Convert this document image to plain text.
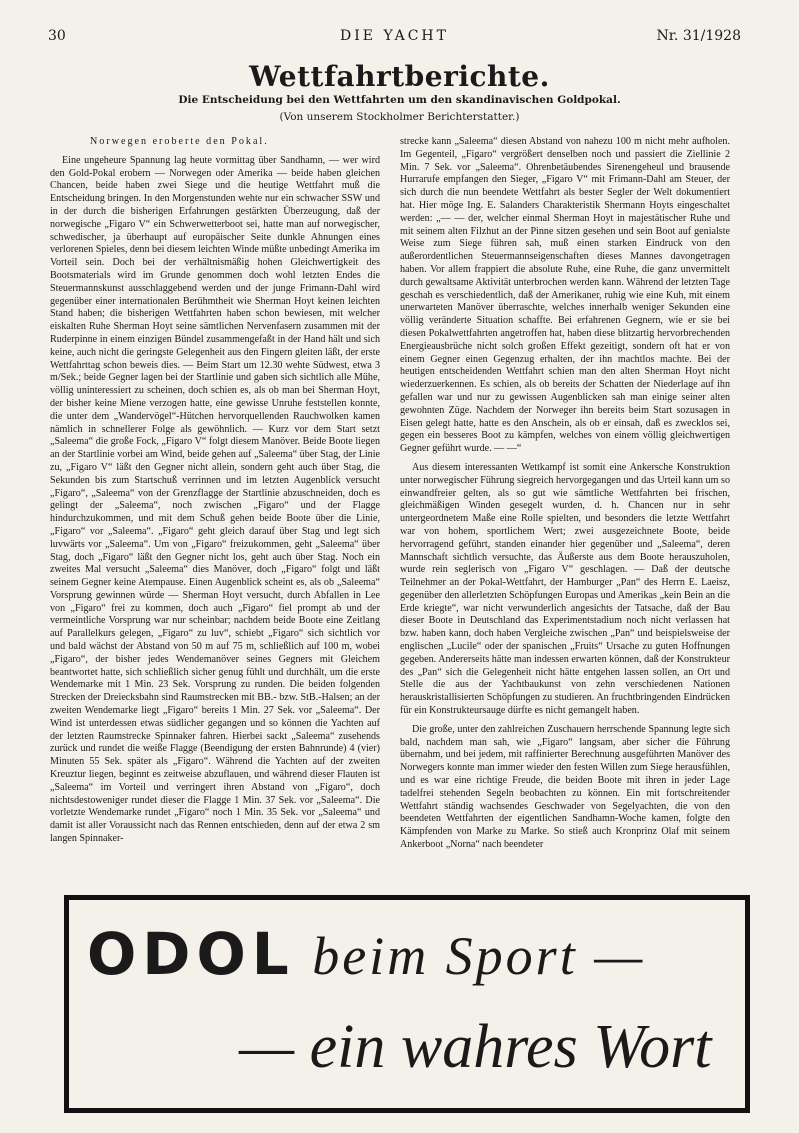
30	DIE YACHT	Nr. 31/1928
Wettfahrtberichte.
Die Entscheidung bei den Wettfahrten um den skandinavischen Goldpokal.
(Von unserem Stockholmer Berichterstatter.)

Norwegen eroberte den Pokal.

Eine ungeheure Spannung lag heute vormittag über Sandhamn, — wer wird den Gold-Pokal erobern — Norwegen oder Amerika — beide haben gleichen Chancen, beide haben zwei Siege und die heutige Wettfahrt muß die Entscheidung bringen. In den Morgenstunden wehte nur ein schwacher SSW und in der durch die bisherigen Erfahrungen gestärkten Überzeugung, daß der norwegische „Figaro V“ ein Schwerwetterboot sei, hatte man auf norwegischer, schwedischer, ja überhaupt auf europäischer Seite dunkle Ahnungen eines verlorenen Spieles, denn bei diesem leichten Winde müßte unbedingt Amerika im Vorteil sein. Doch bei der verhältnismäßig hohen Gleichwertigkeit des Bootsmaterials wird im Grunde genommen doch wohl letzten Endes die Steuermannskunst ausschlaggebend werden und der junge Frimann-Dahl wird gegenüber einer internationalen Berühmtheit wie Sherman Hoyt keinen leichten Stand haben; die bisherigen Wettfahrten haben schon bewiesen, mit welcher eiskalten Ruhe Sherman Hoyt seine sämtlichen Nervenfasern zusammen mit der Ruderpinne in einem einzigen Bündel zusammengefaßt in der Hand hält und sich keine, auch nicht die geringste Gelegenheit aus den Fingern gleiten läßt, der erste Wettfahrttag schon beweis dies. — Beim Start um 12.30 wehte Südwest, etwa 3 m/Sek.; beide Gegner lagen bei der Startlinie und gaben sich sichtlich alle Mühe, völlig uninteressiert zu scheinen, doch schien es, als ob man bei Sherman Hoyt, der bisher keine Miene verzogen hatte, eine gewisse Unruhe feststellen konnte, die unter dem „Wandervögel“-Hütchen hervorquellenden Rauchwolken kamen nämlich in schnellerer Folge als gewöhnlich. — Kurz vor dem Start setzt „Saleema“ die große Fock, „Figaro V“ folgt diesem Manöver. Beide Boote liegen an der Startlinie vorbei am Wind, beide gehen auf „Saleema“ über Stag, der Linie zu, „Figaro V“ läßt den Gegner nicht allein, sondern geht auch über Stag, die Sekunden bis zum Startschuß verrinnen und im letzten Augenblick versucht „Figaro“, „Saleema“ von der Grenzflagge der Startlinie abzuschneiden, doch es gelingt der „Saleema“, noch zwischen „Figaro“ und der Flagge hindurchzukommen, und mit dem Schuß gehen beide Boote über die Linie, „Figaro“ vor „Saleema“. „Figaro“ geht gleich darauf über Stag und legt sich luvwärts vor „Saleema“. Um von „Figaro“ freizukommen, geht „Saleema“ über Stag, doch „Figaro“ läßt den Gegner nicht los, geht auch über Stag. Noch ein zweites Mal versucht „Saleema“ dies Manöver, doch „Figaro“ folgt und läßt seinem Gegner keine Atempause. Einen Augenblick scheint es, als ob „Saleema“ Vorsprung gewinnen würde — Sherman Hoyt versucht, durch Abfallen in Lee von „Figaro“ frei zu kommen, doch auch „Figaro“ fiel prompt ab und der vermeintliche Vorsprung war nur scheinbar; nachdem beide Boote eine Zeitlang auf Parallelkurs gelegen, „Figaro“ zu luv“, schiebt „Figaro“ sich sichtlich vor und bald wächst der Abstand von 50 m auf 75 m, schließlich auf 100 m, wobei „Figaro“, der bisher jedes Wendemanöver seines Gegners mit Gleichem beantwortet hatte, sich schließlich sicher genug fühlt und durchhält, um die erste Wendemarke mit 1 Min. 23 Sek. Vorsprung zu runden. Die beiden folgenden Strecken der Dreiecksbahn sind Raumstrecken mit BB.- bzw. StB.-Halsen; an der zweiten Wendemarke liegt „Figaro“ bereits 1 Min. 27 Sek. vor „Saleema“. Der Wind ist unterdessen etwas südlicher gegangen und so können die Yachten auf der letzten Raumstrecke Spinnaker fahren. Hierbei sackt „Saleema“ zusehends zurück und rundet die weiße Flagge (Beendigung der ersten Bahnrunde) 4 (vier) Minuten 55 Sek. später als „Figaro“. Während die Yachten auf der zweiten Kreuztur liegen, beginnt es zeitweise abzuflauen, und während dieser Flauten ist „Saleema“ im Vorteil und verringert ihren Abstand von „Figaro“, doch nichtsdestoweniger rundet dieser die Flagge 1 Min. 37 Sek. vor „Saleema“. Die vorletzte Wendemarke rundet „Figaro“ noch 1 Min. 35 Sek. vor „Saleema“ und damit ist aller Voraussicht nach das Rennen entschieden, denn auf der etwa 2 sm langen Spinnaker-

strecke kann „Saleema“ diesen Abstand von nahezu 100 m nicht mehr aufholen. Im Gegenteil, „Figaro“ vergrößert denselben noch und passiert die Ziellinie 2 Min. 7 Sek. vor „Saleema“. Ohrenbetäubendes Sirenengeheul und brausende Hurrarufe empfangen den Sieger, „Figaro V“ mit Frimann-Dahl am Steuer, der sich durch die nun beendete Wettfahrt als bester Segler der Welt dokumentiert hat. Hier möge Ing. E. Salanders Charakteristik Shermann Hoyts eingeschaltet werden: „— — der, welcher einmal Sherman Hoyt in majestätischer Ruhe und mit seinem alten Filzhut an der Pinne sitzen gesehen und sein Boot auf genialste Weise zum Siege führen sah, muß einen starken Eindruck von den außerordentlichen Steuermannseigenschaften dieses Mannes davongetragen haben. Vor allem frappiert die absolute Ruhe, eine Ruhe, die ganz unvermittelt durch gewaltsame Aktivität unterbrochen werden kann. Während der letzten Tage geschah es verschiedentlich, daß der Amerikaner, ruhig wie eine Kuh, mit einem unerwarteten Manöver überraschte, welches innerhalb weniger Sekunden eine völlig veränderte Situation schaffte. Bei erfahrenen Gegnern, wie er sie bei diesen Pokalwettfahrten angetroffen hat, haben diese blitzartig hervorbrechenden Energieausbrüche nicht solch großen Effekt gezeitigt, sondern oft hat er von einem Gegner einen Gegenzug erhalten, der ihn machtlos machte. Bei der heutigen entscheidenden Wettfahrt schien man den alten Sherman Hoyt nicht wiederzuerkennen. Es schien, als ob bereits der Schatten der Niederlage auf ihn gefallen war und nur zu gewissen Augenblicken sah man einige seiner alten gewohnten Züge. Nachdem der Norweger ihn bereits beim Start sozusagen in Eisen gelegt hatte, hatte es den Anschein, als ob er einsah, daß es zwecklos sei, gegen ein besseres Boot zu kämpfen, welches von einem völlig gleichwertigen Gegner geführt wurde. — —“

Aus diesem interessanten Wettkampf ist somit eine Ankersche Konstruktion unter norwegischer Führung siegreich hervorgegangen und das Urteil kann um so einwandfreier gelten, als so gut wie sämtliche Wettfahrten bei frischen, gleichmäßigen Winden gesegelt wurden, d. h. Chancen nur in sehr untergeordnetem Maße eine Rolle spielten, und besonders die letzte Wettfahrt war von hohem, sportlichem Wert; zwei ausgezeichnete Boote, beide hervorragend geführt, standen einander hier gegenüber und „Saleema“, deren Mannschaft sichtlich versuchte, das Äußerste aus dem Boote herauszuholen, wurde rein seglerisch von „Figaro V“ geschlagen. — Daß der deutsche Teilnehmer an der Pokal-Wettfahrt, der Hamburger „Pan“ des Herrn E. Laeisz, gegenüber den allerletzten Schöpfungen Europas und Amerikas „kein Bein an die Erde kriegte“, war nicht verwunderlich angesichts der Tatsache, daß der Bau dieser Boote in Deutschland das Experimentstadium noch nicht verlassen hat bzw. haben kann, doch haben Vergleiche zwischen „Pan“ und beispielsweise der englischen „Lucile“ oder der spanischen „Fruits“ Ursache zu guten Hoffnungen gegeben. Andererseits hätte man indessen erwarten können, daß der Konstrukteur des „Pan“ sich die Gelegenheit nicht hätte entgehen lassen sollen, an Ort und Stelle die aus der Yachtbaukunst von zehn verschiedenen Nationen herauskristallisierten Schöpfungen zu studieren. An fruchtbringenden Eindrücken für ein Konstrukteursauge dürfte es nicht gemangelt haben.

Die große, unter den zahlreichen Zuschauern herrschende Spannung legte sich bald, nachdem man sah, wie „Figaro“ langsam, aber sicher die Führung übernahm, und bei jedem, mit raffinierter Berechnung ausgeführten Manöver des Norwegers konnte man immer wieder den festen Willen zum Siege herausfühlen, und es war eine richtige Freude, die beiden Boote mit ihren in jeder Lage tadelfrei stehenden Segeln beobachten zu können. Ein mit fortschreitender Wettfahrt ständig wachsendes Geschwader von Segelyachten, die von den beendeten Wettfahrten der eigentlichen Sandhamn-Woche kamen, folgte den Kämpfenden von Marke zu Marke. So stieß auch Kronprinz Olaf mit seinem Ankerboot „Norna“ nach beendeter

ODOL beim Sport —
— ein wahres Wort
